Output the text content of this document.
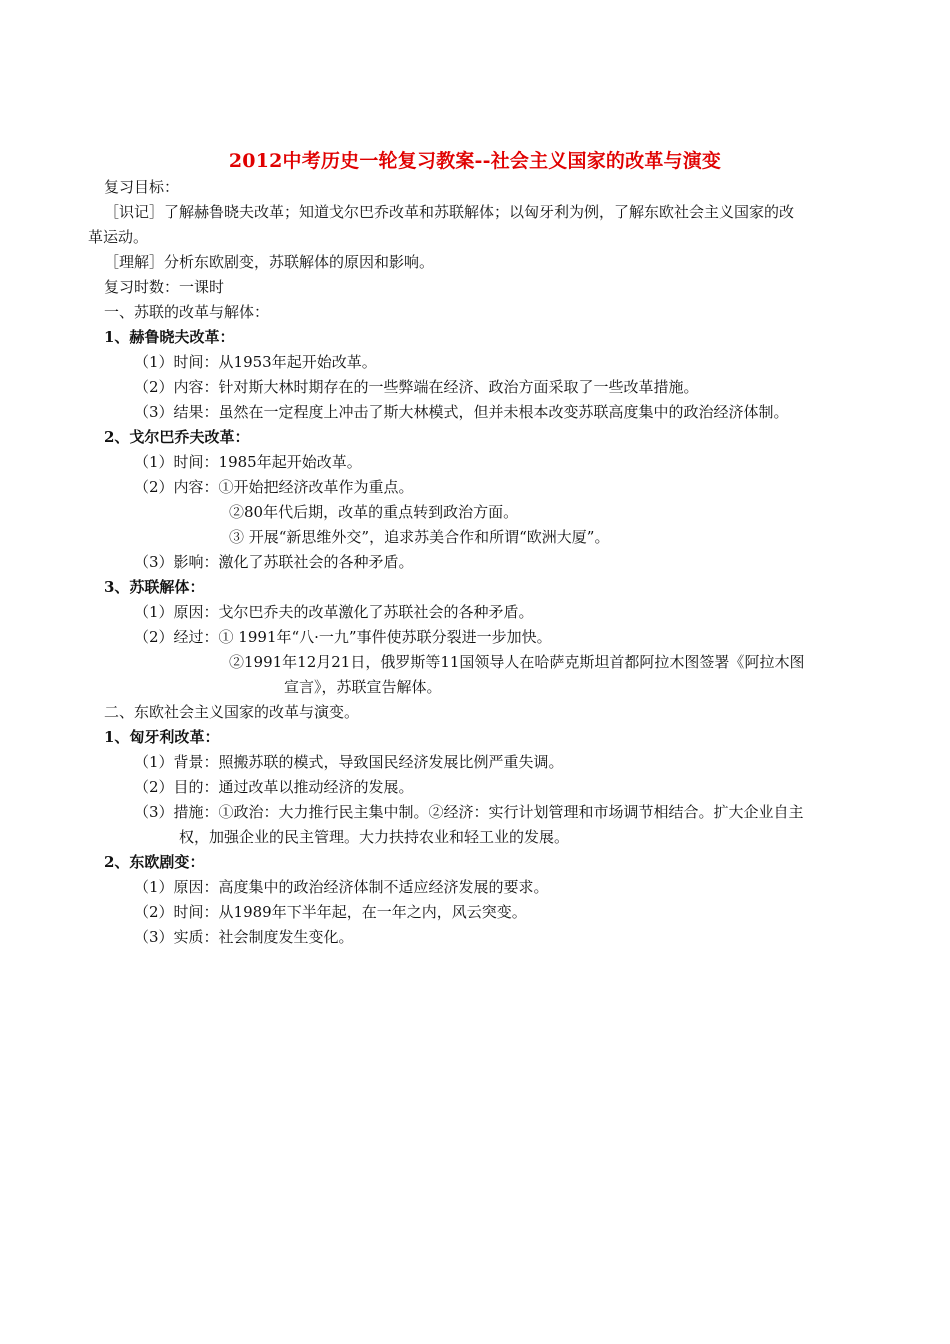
2012中考历史一轮复习教案--社会主义国家的改革与演变
复习目标：
［识记］了解赫鲁晓夫改革；知道戈尔巴乔改革和苏联解体；以匈牙利为例，了解东欧社会主义国家的改
革运动。
［理解］分析东欧剧变，苏联解体的原因和影响。
复习时数：一课时
一、苏联的改革与解体：
1、赫鲁晓夫改革：
（1）时间：从1953年起开始改革。
（2）内容：针对斯大林时期存在的一些弊端在经济、政治方面采取了一些改革措施。
（3）结果：虽然在一定程度上冲击了斯大林模式，但并未根本改变苏联高度集中的政治经济体制。
2、戈尔巴乔夫改革：
（1）时间：1985年起开始改革。
（2）内容：①开始把经济改革作为重点。
②80年代后期，改革的重点转到政治方面。
③ 开展“新思维外交”，追求苏美合作和所谓“欧洲大厦”。
（3）影响：激化了苏联社会的各种矛盾。
3、苏联解体：
（1）原因：戈尔巴乔夫的改革激化了苏联社会的各种矛盾。
（2）经过：① 1991年“八·一九”事件使苏联分裂进一步加快。
②1991年12月21日，俄罗斯等11国领导人在哈萨克斯坦首都阿拉木图签署《阿拉木图
宣言》，苏联宣告解体。
二、东欧社会主义国家的改革与演变。
1、匈牙利改革：
（1）背景：照搬苏联的模式，导致国民经济发展比例严重失调。
（2）目的：通过改革以推动经济的发展。
（3）措施：①政治：大力推行民主集中制。②经济：实行计划管理和市场调节相结合。扩大企业自主
权，加强企业的民主管理。大力扶持农业和轻工业的发展。
2、东欧剧变：
（1）原因：高度集中的政治经济体制不适应经济发展的要求。
（2）时间：从1989年下半年起，在一年之内，风云突变。
（3）实质：社会制度发生变化。
